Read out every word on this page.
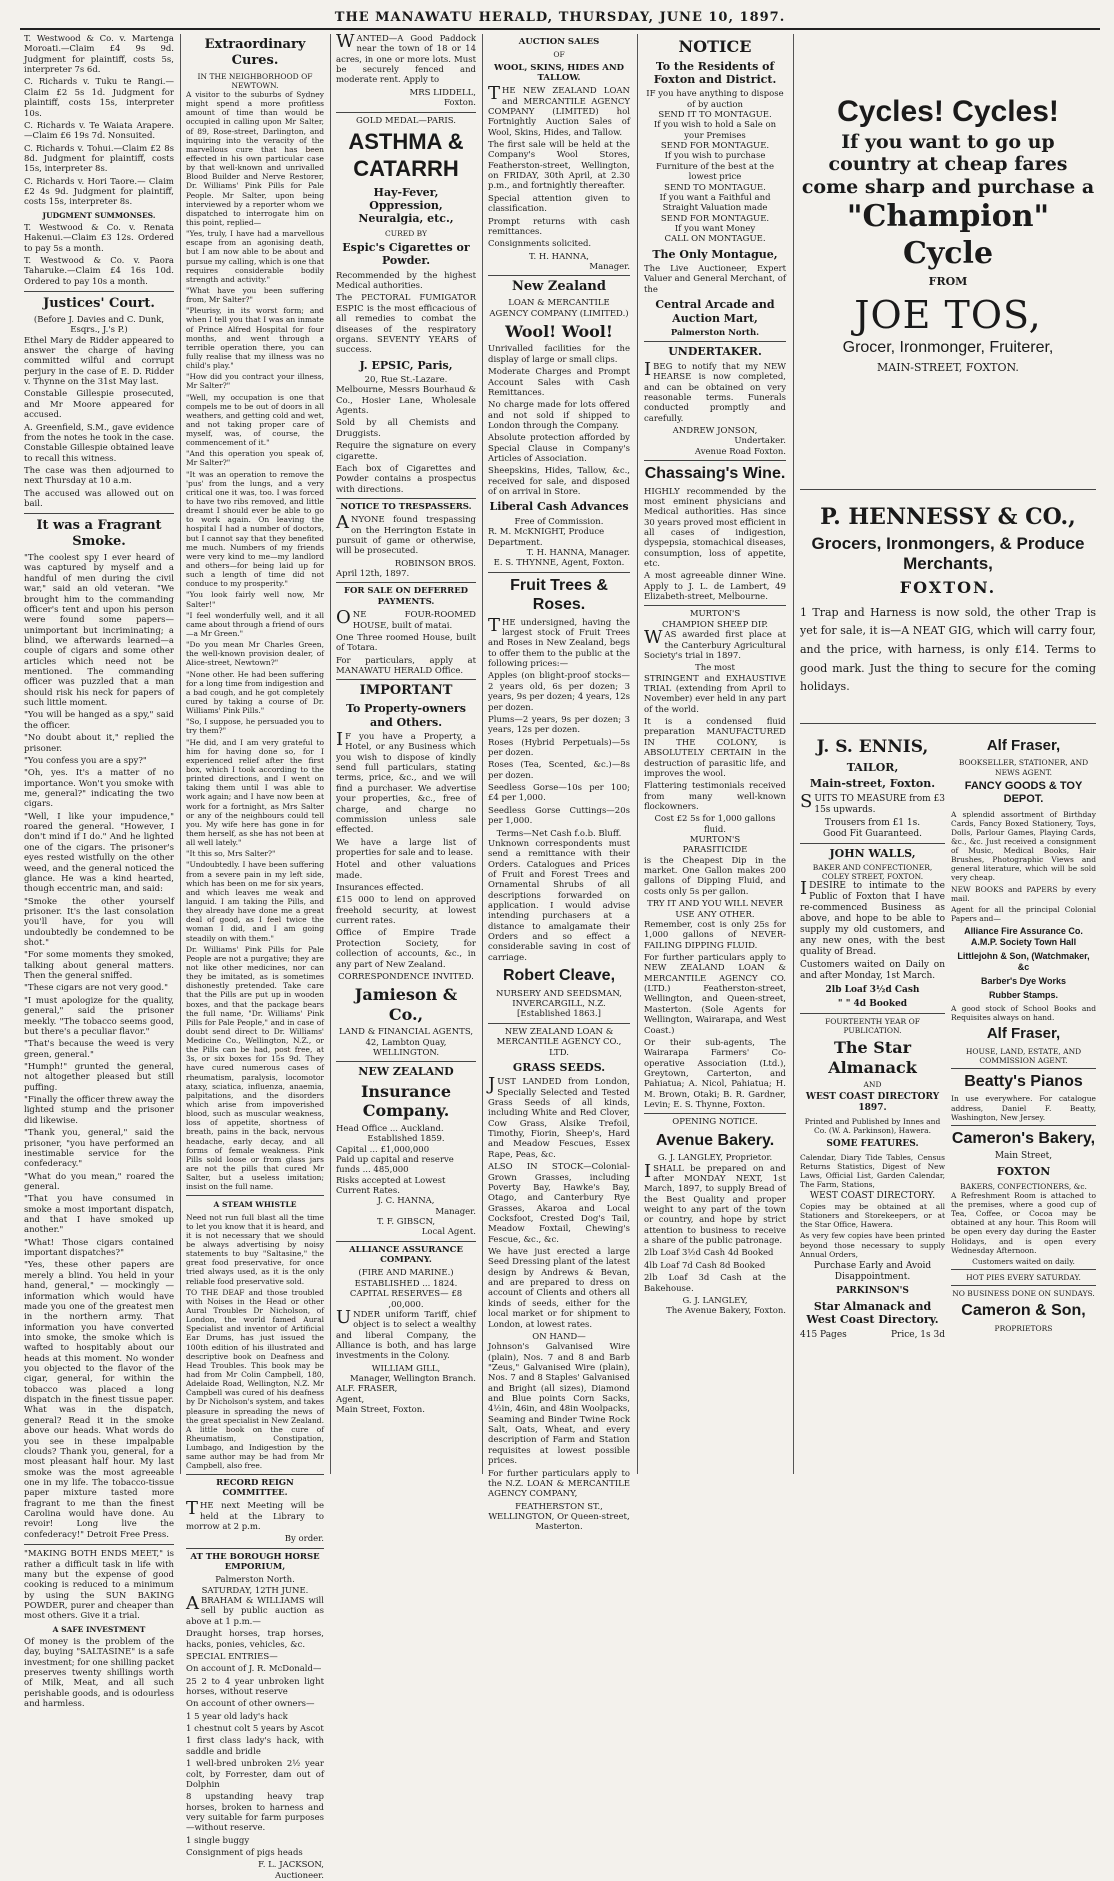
THE MANAWATU HERALD, THURSDAY, JUNE 10, 1897.

T. Westwood & Co. v. Martenga Moroati.—Claim £4 9s 9d. Judgment for plaintiff, costs 5s, interpreter 7s 6d.

C. Richards v. Tuku te Rangi.—Claim £2 5s 1d. Judgment for plaintiff, costs 15s, interpreter 10s.

C. Richards v. Te Waiata Arapere. —Claim £6 19s 7d. Nonsuited.

C. Richards v. Tohui.—Claim £2 8s 8d. Judgment for plaintiff, costs 15s, interpreter 8s.

C. Richards v. Hori Taore.— Claim £2 4s 9d. Judgment for plaintiff, costs 15s, interpreter 8s.

JUDGMENT SUMMONSES.

T. Westwood & Co. v. Renata Hakenui.—Claim £3 12s. Ordered to pay 5s a month.

T. Westwood & Co. v. Paora Taharuke.—Claim £4 16s 10d. Ordered to pay 10s a month.

Justices' Court.
(Before J. Davies and C. Dunk, Esqrs., J.'s P.)

Ethel Mary de Ridder appeared to answer the charge of having committed wilful and corrupt perjury in the case of E. D. Ridder v. Thynne on the 31st May last.

Constable Gillespie prosecuted, and Mr Moore appeared for accused.

A. Greenfield, S.M., gave evidence from the notes he took in the case. Constable Gillespie obtained leave to recall this witness.

The case was then adjourned to next Thursday at 10 a.m.

The accused was allowed out on bail.

It was a Fragrant Smoke.

"The coolest spy I ever heard of was captured by myself and a handful of men during the civil war," said an old veteran. "We brought him to the commanding officer's tent and upon his person were found some papers—unimportant but incriminating; a blind, we afterwards learned—a couple of cigars and some other articles which need not be mentioned. The commanding officer was puzzled that a man should risk his neck for papers of such little moment.

"You will be hanged as a spy," said the officer.

"No doubt about it," replied the prisoner.

"You confess you are a spy?"

"Oh, yes. It's a matter of no importance. Won't you smoke with me, general?" indicating the two cigars.

"Well, I like your impudence," roared the general. "However, I don't mind if I do." And he lighted one of the cigars. The prisoner's eyes rested wistfully on the other weed, and the general noticed the glance. He was a kind hearted, though eccentric man, and said:

"Smoke the other yourself prisoner. It's the last consolation you'll have, for you will undoubtedly be condemned to be shot."

"For some moments they smoked, talking about general matters. Then the general sniffed.

"These cigars are not very good."

"I must apologize for the quality, general," said the prisoner meekly. "The tobacco seems good, but there's a peculiar flavor."

"That's because the weed is very green, general."

"Humph!" grunted the general, not altogether pleased but still puffing.

"Finally the officer threw away the lighted stump and the prisoner did likewise.

"Thank you, general," said the prisoner, "you have performed an inestimable service for the confederacy."

"What do you mean," roared the general.

"That you have consumed in smoke a most important dispatch, and that I have smoked up another."

"What! Those cigars contained important dispatches?"

"Yes, these other papers are merely a blind. You held in your hand, general," — mockingly — information which would have made you one of the greatest men in the northern army. That information you have converted into smoke, the smoke which is wafted to hospitably about our heads at this moment. No wonder you objected to the flavor of the cigar, general, for within the tobacco was placed a long dispatch in the finest tissue paper. What was in the dispatch, general? Read it in the smoke above our heads. What words do you see in these impalpable clouds? Thank you, general, for a most pleasant half hour. My last smoke was the most agreeable one in my life. The tobacco-tissue paper mixture tasted more fragrant to me than the finest Carolina would have done. Au revoir! Long live the confederacy!" Detroit Free Press.

"MAKING BOTH ENDS MEET," is rather a difficult task in life with many but the expense of good cooking is reduced to a minimum by using the SUN BAKING POWDER, purer and cheaper than most others. Give it a trial.

A SAFE INVESTMENT

Of money is the problem of the day, buying "SALTASINE" is a safe investment; for one shilling packet preserves twenty shillings worth of Milk, Meat, and all such perishable goods, and is odourless and harmless.

Extraordinary Cures.
IN THE NEIGHBORHOOD OF NEWTOWN.

A visitor to the suburbs of Sydney might spend a more profitless amount of time than would be occupied in calling upon Mr Salter, of 89, Rose-street, Darlington, and inquiring into the veracity of the marvellous cure that has been effected in his own particular case by that well-known and unrivalled Blood Builder and Nerve Restorer, Dr. Williams' Pink Pills for Pale People. Mr Salter, upon being interviewed by a reporter whom we dispatched to interrogate him on this point, replied—

"Yes, truly, I have had a marvellous escape from an agonising death, but I am now able to be about and pursue my calling, which is one that requires considerable bodily strength and activity."

"What have you been suffering from, Mr Salter?"

"Pleurisy, in its worst form; and when I tell you that I was an inmate of Prince Alfred Hospital for four months, and went through a terrible operation there, you can fully realise that my illness was no child's play."

"How did you contract your illness, Mr Salter?"

"Well, my occupation is one that compels me to be out of doors in all weathers, and getting cold and wet, and not taking proper care of myself, was, of course, the commencement of it."

"And this operation you speak of, Mr Salter?"

"It was an operation to remove the 'pus' from the lungs, and a very critical one it was, too. I was forced to have two ribs removed, and little dreamt I should ever be able to go to work again. On leaving the hospital I had a number of doctors, but I cannot say that they benefited me much. Numbers of my friends were very kind to me—my landlord and others—for being laid up for such a length of time did not conduce to my prosperity."

"You look fairly well now, Mr Salter!"

"I feel wonderfully well, and it all came about through a friend of ours—a Mr Green."

"Do you mean Mr Charles Green, the well-known provision dealer, of Alice-street, Newtown?"

"None other. He had been suffering for a long time from indigestion and a bad cough, and he got completely cured by taking a course of Dr. Williams' Pink Pills."

"So, I suppose, he persuaded you to try them?"

"He did, and I am very grateful to him for having done so, for I experienced relief after the first box, which I took according to the printed directions, and I went on taking them until I was able to work again; and I have now been at work for a fortnight, as Mrs Salter or any of the neighbours could tell you. My wife here has gone in for them herself, as she has not been at all well lately."

"It this so, Mrs Salter?"

"Undoubtedly. I have been suffering from a severe pain in my left side, which has been on me for six years, and which leaves me weak and languid. I am taking the Pills, and they already have done me a great deal of good, as I feel twice the woman I did, and I am going steadily on with them."

Dr. Williams' Pink Pills for Pale People are not a purgative; they are not like other medicines, nor can they be imitated, as is sometimes dishonestly pretended. Take care that the Pills are put up in wooden boxes, and that the package bears the full name, "Dr. Williams' Pink Pills for Pale People," and in case of doubt send direct to Dr. Williams' Medicine Co., Wellington, N.Z., or the Pills can be had, post free, at 3s, or six boxes for 15s 9d. They have cured numerous cases of rheumatism, paralysis, locomotor ataxy, sciatica, influenza, anaemia, palpitations, and the disorders which arise from impoverished blood, such as muscular weakness, loss of appetite, shortness of breath, pains in the back, nervous headache, early decay, and all forms of female weakness. Pink Pills sold loose or from glass jars are not the pills that cured Mr Salter, but a useless imitation; insist on the full name.

A STEAM WHISTLE

Need not run full blast all the time to let you know that it is heard, and it is not necessary that we should be always advertising by noisy statements to buy "Saltasine," the great food preservative, for once tried always used, as it is the only reliable food preservative sold.

TO THE DEAF and those troubled with Noises in the Head or other Aural Troubles Dr Nicholson, of London, the world famed Aural Specialist and inventor of Artificial Ear Drums, has just issued the 100th edition of his illustrated and descriptive book on Deafness and Head Troubles. This book may be had from Mr Colin Campbell, 180, Adelaide Road, Wellington, N.Z. Mr Campbell was cured of his deafness by Dr Nicholson's system, and takes pleasure in spreading the news of the great specialist in New Zealand. A little book on the cure of Rheumatism, Constipation, Lumbago, and Indigestion by the same author may be had from Mr Campbell, also free.

RECORD REIGN COMMITTEE.

THE next Meeting will be held at the Library to morrow at 2 p.m.

By order.
AT THE BOROUGH HORSE EMPORIUM,
Palmerston North.
SATURDAY, 12TH JUNE.

ABRAHAM & WILLIAMS will sell by public auction as above at 1 p.m.—

Draught horses, trap horses, hacks, ponies, vehicles, &c.

SPECIAL ENTRIES—

On account of J. R. McDonald—

25 2 to 4 year unbroken light horses, without reserve

On account of other owners—

1 5 year old lady's hack

1 chestnut colt 5 years by Ascot

1 first class lady's hack, with saddle and bridle

1 well-bred unbroken 2½ year colt, by Forrester, dam out of Dolphin

8 upstanding heavy trap horses, broken to harness and very suitable for farm purposes—without reserve.

1 single buggy

Consignment of pigs heads

F. L. JACKSON,
Auctioneer.

WANTED—A Good Paddock near the town of 18 or 14 acres, in one or more lots. Must be securely fenced and moderate rent. Apply to

MRS LIDDELL,
Foxton.
GOLD MEDAL—PARIS.
ASTHMA & CATARRH
Hay-Fever, Oppression, Neuralgia, etc.,
CURED BY
Espic's Cigarettes or Powder.

Recommended by the highest Medical authorities.

The PECTORAL FUMIGATOR ESPIC is the most efficacious of all remedies to combat the diseases of the respiratory organs. SEVENTY YEARS of success.

J. EPSIC, Paris,
20, Rue St.-Lazare.

Melbourne, Messrs Bourhaud & Co., Hosier Lane, Wholesale Agents.

Sold by all Chemists and Druggists.

Require the signature on every cigarette.

Each box of Cigarettes and Powder contains a prospectus with directions.

NOTICE TO TRESPASSERS.

ANYONE found trespassing on the Herrington Estate in pursuit of game or otherwise, will be prosecuted.

ROBINSON BROS.
April 12th, 1897.
FOR SALE ON DEFERRED PAYMENTS.

ONE FOUR-ROOMED HOUSE, built of matai.

One Three roomed House, built of Totara.

For particulars, apply at MANAWATU HERALD Office.

IMPORTANT
To Property-owners and Others.

IF you have a Property, a Hotel, or any Business which you wish to dispose of kindly send full particulars, stating terms, price, &c., and we will find a purchaser. We advertise your properties, &c., free of charge, and charge no commission unless sale effected.

We have a large list of properties for sale and to lease.

Hotel and other valuations made.

Insurances effected.

£15 000 to lend on approved freehold security, at lowest current rates.

Office of Empire Trade Protection Society, for collection of accounts, &c., in any part of New Zealand.

CORRESPONDENCE INVITED.
Jamieson & Co.,
LAND & FINANCIAL AGENTS,
42, Lambton Quay, WELLINGTON.
NEW ZEALAND
Insurance Company.
Head Office ... Auckland.
Established 1859.
Capital ... £1,000,000
Paid up capital and reserve funds ... 485,000
Risks accepted at Lowest Current Rates.
J. C. HANNA,
Manager.
T. F. GIBSCN,
Local Agent.
ALLIANCE ASSURANCE COMPANY.
(FIRE AND MARINE.)
ESTABLISHED ... 1824.
CAPITAL RESERVES— £8 ,00,000.

UNDER uniform Tariff, chief object is to select a wealthy and liberal Company, the Alliance is both, and has large investments in the Colony.

WILLIAM GILL,
Manager, Wellington Branch.
ALF. FRASER,
Agent,
Main Street, Foxton.
AUCTION SALES
OF
WOOL, SKINS, HIDES AND TALLOW.

THE NEW ZEALAND LOAN and MERCANTILE AGENCY COMPANY (LIMITED) hol Fortnightly Auction Sales of Wool, Skins, Hides, and Tallow.

The first sale will be held at the Company's Wool Stores, Featherston-street, Wellington, on FRIDAY, 30th April, at 2.30 p.m., and fortnightly thereafter.

Special attention given to classification.

Prompt returns with cash remittances.

Consignments solicited.

T. H. HANNA,
Manager.
New Zealand
LOAN & MERCANTILE AGENCY COMPANY (LIMITED.)
Wool! Wool!

Unrivalled facilities for the display of large or small clips.

Moderate Charges and Prompt Account Sales with Cash Remittances.

No charge made for lots offered and not sold if shipped to London through the Company.

Absolute protection afforded by Special Clause in Company's Articles of Association.

Sheepskins, Hides, Tallow, &c., received for sale, and disposed of on arrival in Store.

Liberal Cash Advances
Free of Commission.
R. M. McKNIGHT, Produce Department.
T. H. HANNA, Manager.
E. S. THYNNE, Agent, Foxton.
Fruit Trees & Roses.

THE undersigned, having the largest stock of Fruit Trees and Roses in New Zealand, begs to offer them to the public at the following prices:—

Apples (on blight-proof stocks—2 years old, 6s per dozen; 3 years, 9s per dozen; 4 years, 12s per dozen.

Plums—2 years, 9s per dozen; 3 years, 12s per dozen.

Roses (Hybrid Perpetuals)—5s per dozen.

Roses (Tea, Scented, &c.)—8s per dozen.

Seedless Gorse—10s per 100; £4 per 1,000.

Seedless Gorse Cuttings—20s per 1,000.

Terms—Net Cash f.o.b. Bluff.

Unknown correspondents must send a remittance with their Orders. Catalogues and Prices of Fruit and Forest Trees and Ornamental Shrubs of all descriptions forwarded on application. I would advise intending purchasers at a distance to amalgamate their Orders and so effect a considerable saving in cost of carriage.

Robert Cleave,
NURSERY AND SEEDSMAN,
INVERCARGILL, N.Z.
[Established 1863.]
NEW ZEALAND LOAN & MERCANTILE AGENCY CO., LTD.
GRASS SEEDS.

JUST LANDED from London, Specially Selected and Tested Grass Seeds of all kinds, including White and Red Clover, Cow Grass, Alsike Trefoil, Timothy, Fiorin, Sheep's, Hard and Meadow Fescues, Essex Rape, Peas, &c.

ALSO IN STOCK—Colonial-Grown Grasses, including Poverty Bay, Hawke's Bay, Otago, and Canterbury Rye Grasses, Akaroa and Local Cocksfoot, Crested Dog's Tail, Meadow Foxtail, Chewing's Fescue, &c., &c.

We have just erected a large Seed Dressing plant of the latest design by Andrews & Bevan, and are prepared to dress on account of Clients and others all kinds of seeds, either for the local market or for shipment to London, at lowest rates.

ON HAND—

Johnson's Galvanised Wire (plain), Nos. 7 and 8 and Barb "Zeus," Galvanised Wire (plain), Nos. 7 and 8 Staples' Galvanised and Bright (all sizes), Diamond and Blue points Corn Sacks, 4½in, 46in, and 48in Woolpacks, Seaming and Binder Twine Rock Salt, Oats, Wheat, and every description of Farm and Station requisites at lowest possible prices.

For further particulars apply to the N.Z. LOAN & MERCANTILE AGENCY COMPANY,

FEATHERSTON ST., WELLINGTON, Or Queen-street, Masterton.
NOTICE
To the Residents of Foxton and District.
IF you have anything to dispose of by auction
SEND IT TO MONTAGUE.
If you wish to hold a Sale on your Premises
SEND FOR MONTAGUE.
If you wish to purchase Furniture of the best at the lowest price
SEND TO MONTAGUE.
If you want a Faithful and Straight Valuation made
SEND FOR MONTAGUE.
If you want Money
CALL ON MONTAGUE.
The Only Montague,

The Live Auctioneer, Expert Valuer and General Merchant, of the

Central Arcade and Auction Mart,
Palmerston North.
UNDERTAKER.

IBEG to notify that my NEW HEARSE is now completed, and can be obtained on very reasonable terms. Funerals conducted promptly and carefully.

ANDREW JONSON,
Undertaker.
Avenue Road Foxton.
Chassaing's Wine.

HIGHLY recommended by the most eminent physicians and Medical authorities. Has since 30 years proved most efficient in all cases of indigestion, dyspepsia, stomachical diseases, consumption, loss of appetite, etc.

A most agreeable dinner Wine. Apply to J. L. de Lambert, 49 Elizabeth-street, Melbourne.

MURTON'S
CHAMPION SHEEP DIP.

WAS awarded first place at the Canterbury Agricultural Society's trial in 1897.

The most

STRINGENT and EXHAUSTIVE TRIAL (extending from April to November) ever held in any part of the world.

It is a condensed fluid preparation MANUFACTURED IN THE COLONY, is ABSOLUTELY CERTAIN in the destruction of parasitic life, and improves the wool.

Flattering testimonials received from many well-known flockowners.

Cost £2 5s for 1,000 gallons fluid.
MURTON'S
PARASITICIDE

is the Cheapest Dip in the market. One Gallon makes 200 gallons of Dipping Fluid, and costs only 5s per gallon.

TRY IT AND YOU WILL NEVER USE ANY OTHER.

Remember, cost is only 25s for 1,000 gallons of NEVER-FAILING DIPPING FLUID.

For further particulars apply to NEW ZEALAND LOAN & MERCANTILE AGENCY CO. (LTD.) Featherston-street, Wellington, and Queen-street, Masterton. (Sole Agents for Wellington, Wairarapa, and West Coast.)

Or their sub-agents, The Wairarapa Farmers' Co-operative Association (Ltd.), Greytown, Carterton, and Pahiatua; A. Nicol, Pahiatua; H. M. Brown, Otaki; B. R. Gardner, Levin; E. S. Thynne, Foxton.

OPENING NOTICE.
Avenue Bakery.
G. J. LANGLEY, Proprietor.

ISHALL be prepared on and after MONDAY NEXT, 1st March, 1897, to supply Bread of the Best Quality and proper weight to any part of the town or country, and hope by strict attention to business to receive a share of the public patronage.

2lb Loaf 3½d Cash 4d Booked

4lb Loaf 7d Cash 8d Booked

2lb Loaf 3d Cash at the Bakehouse.

G. J. LANGLEY,
The Avenue Bakery, Foxton.
Cycles! Cycles!
If you want to go up country at cheap fares come sharp and purchase a
"Champion" Cycle
FROM
JOE TOS,
Grocer, Ironmonger, Fruiterer,
MAIN-STREET, FOXTON.
P. HENNESSY & CO.,
Grocers, Ironmongers, & Produce Merchants,
FOXTON.

1 Trap and Harness is now sold, the other Trap is yet for sale, it is—A NEAT GIG, which will carry four, and the price, with harness, is only £14. Terms to good mark. Just the thing to secure for the coming holidays.

J. S. ENNIS,
TAILOR,
Main-street, Foxton.

SUITS TO MEASURE from £3 15s upwards.

Trousers from £1 1s.
Good Fit Guaranteed.
JOHN WALLS,
BAKER AND CONFECTIONER,
COLEY STREET, FOXTON.

IDESIRE to intimate to the Public of Foxton that I have re-commenced Business as above, and hope to be able to supply my old customers, and any new ones, with the best quality of Bread.

Customers waited on Daily on and after Monday, 1st March.

2lb Loaf 3½d Cash
" " 4d Booked
FOURTEENTH YEAR OF PUBLICATION.
The Star Almanack
AND
WEST COAST DIRECTORY 1897.
Printed and Published by Innes and Co. (W. A. Parkinson), Hawera.
SOME FEATURES.

Calendar, Diary Tide Tables, Census Returns Statistics, Digest of New Laws, Official List, Garden Calendar, The Farm, Stations,

WEST COAST DIRECTORY.

Copies may be obtained at all Stationers and Storekeepers, or at the Star Office, Hawera.

As very few copies have been printed beyond those necessary to supply Annual Orders,

Purchase Early and Avoid Disappointment.
PARKINSON'S
Star Almanack and West Coast Directory.
415 Pages	Price, 1s 3d
Alf Fraser,
BOOKSELLER, STATIONER, AND NEWS AGENT.
FANCY GOODS & TOY DEPOT.

A splendid assortment of Birthday Cards, Fancy Boxed Stationery, Toys, Dolls, Parlour Games, Playing Cards, &c., &c. Just received a consignment of Music, Medical Books, Hair Brushes, Photographic Views and general literature, which will be sold very cheap.

NEW BOOKS and PAPERS by every mail.

Agent for all the principal Colonial Papers and—

Alliance Fire Assurance Co. A.M.P. Society Town Hall
Littlejohn & Son, (Watchmaker, &c
Barber's Dye Works
Rubber Stamps.

A good stock of School Books and Requisites always on hand.

Alf Fraser,
HOUSE, LAND, ESTATE, AND COMMISSION AGENT.
Beatty's Pianos

In use everywhere. For catalogue address, Daniel F. Beatty, Washington, New Jersey.

Cameron's Bakery,
Main Street,
FOXTON
BAKERS, CONFECTIONERS, &c.

A Refreshment Room is attached to the premises, where a good cup of Tea, Coffee, or Cocoa may be obtained at any hour. This Room will be open every day during the Easter Holidays, and is open every Wednesday Afternoon.

Customers waited on daily.
HOT PIES EVERY SATURDAY.
NO BUSINESS DONE ON SUNDAYS.
Cameron & Son,
PROPRIETORS
